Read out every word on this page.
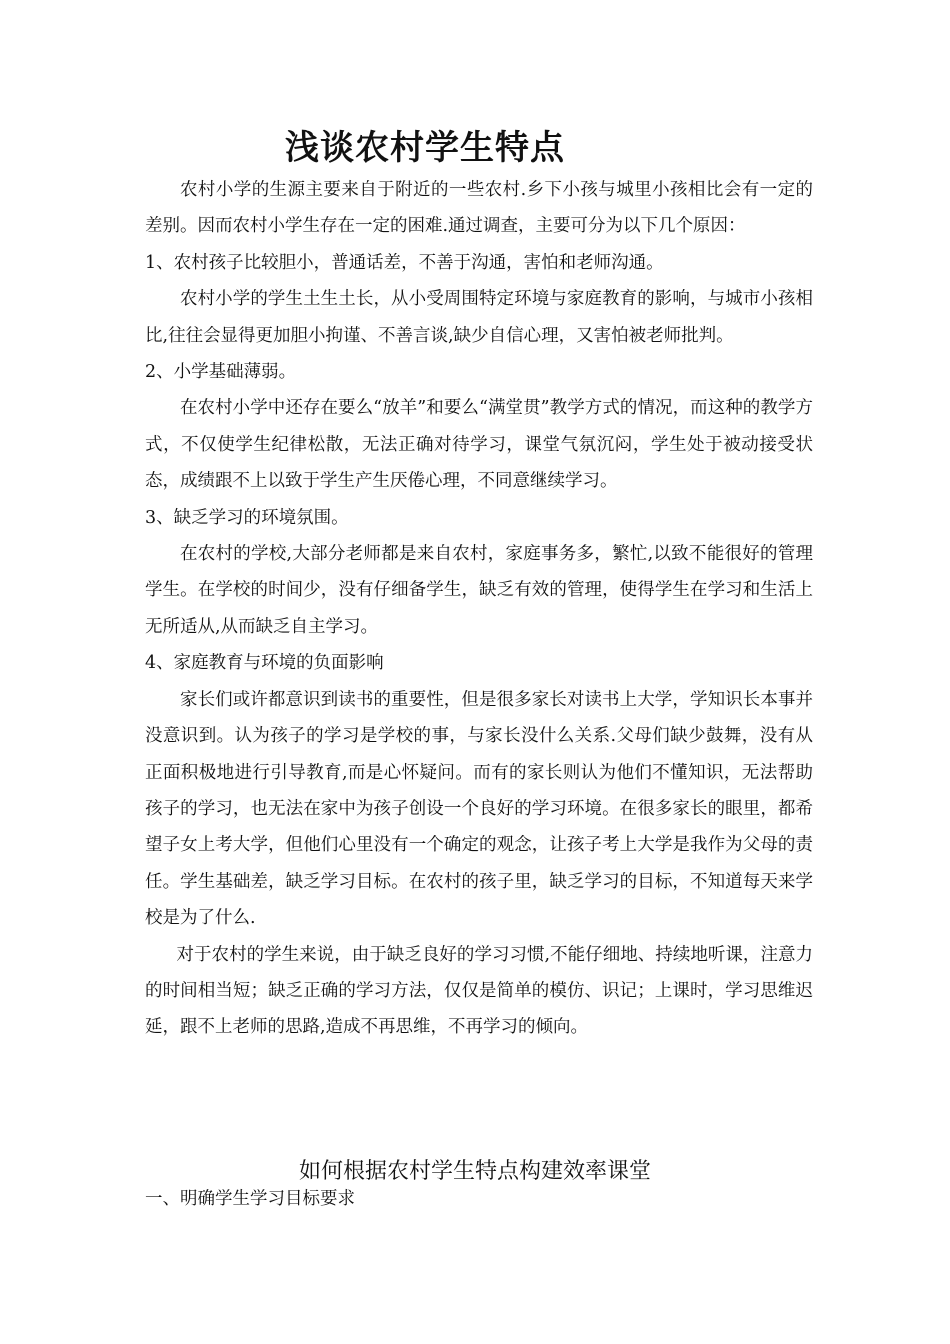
浅谈农村学生特点

农村小学的生源主要来自于附近的一些农村.乡下小孩与城里小孩相比会有一定的差别。因而农村小学生存在一定的困难.通过调查，主要可分为以下几个原因：

1、农村孩子比较胆小，普通话差，不善于沟通，害怕和老师沟通。

农村小学的学生土生土长，从小受周围特定环境与家庭教育的影响，与城市小孩相比,往往会显得更加胆小拘谨、不善言谈,缺少自信心理，又害怕被老师批判。

2、小学基础薄弱。

在农村小学中还存在要么“放羊”和要么“满堂贯”教学方式的情况，而这种的教学方式，不仅使学生纪律松散，无法正确对待学习，课堂气氛沉闷，学生处于被动接受状态，成绩跟不上以致于学生产生厌倦心理，不同意继续学习。

3、缺乏学习的环境氛围。

在农村的学校,大部分老师都是来自农村，家庭事务多，繁忙,以致不能很好的管理学生。在学校的时间少，没有仔细备学生，缺乏有效的管理，使得学生在学习和生活上无所适从,从而缺乏自主学习。

4、家庭教育与环境的负面影响

家长们或许都意识到读书的重要性，但是很多家长对读书上大学，学知识长本事并没意识到。认为孩子的学习是学校的事，与家长没什么关系.父母们缺少鼓舞，没有从正面积极地进行引导教育,而是心怀疑问。而有的家长则认为他们不懂知识，无法帮助孩子的学习，也无法在家中为孩子创设一个良好的学习环境。在很多家长的眼里，都希望子女上考大学，但他们心里没有一个确定的观念，让孩子考上大学是我作为父母的责任。学生基础差，缺乏学习目标。在农村的孩子里，缺乏学习的目标，不知道每天来学校是为了什么.

对于农村的学生来说，由于缺乏良好的学习习惯,不能仔细地、持续地听课，注意力的时间相当短；缺乏正确的学习方法，仅仅是简单的模仿、识记；上课时，学习思维迟延，跟不上老师的思路,造成不再思维，不再学习的倾向。

如何根据农村学生特点构建效率课堂
一、明确学生学习目标要求
